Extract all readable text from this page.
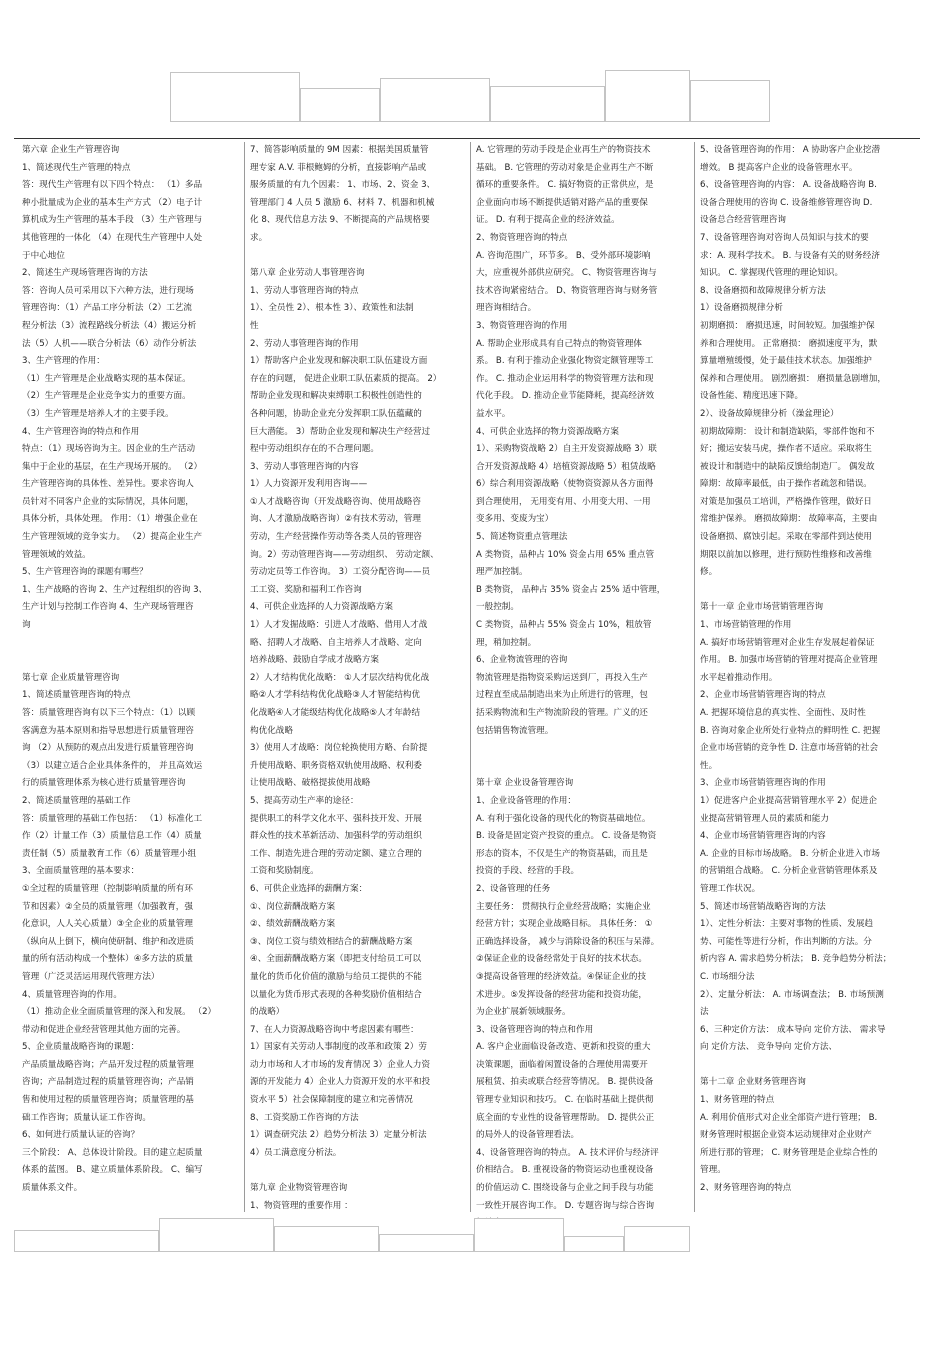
第六章 企业生产管理咨询

1、简述现代生产管理的特点

答：现代生产管理有以下四个特点： （1）多品

种小批量成为企业的基本生产方式 （2）电子计

算机成为生产管理的基本手段 （3）生产管理与

其他管理的一体化 （4）在现代生产管理中人处

于中心地位

2、简述生产现场管理咨询的方法

答：咨询人员可采用以下六种方法，进行现场

管理咨询：（1）产品工序分析法（2）工艺流

程分析法（3）流程路线分析法（4）搬运分析

法（5）人机——联合分析法（6）动作分析法

3、生产管理的作用：

（1）生产管理是企业战略实现的基本保证。

（2）生产管理是企业竞争实力的重要方面。

（3）生产管理是培养人才的主要手段。

4、生产管理咨询的特点和作用

特点：（1）现场咨询为主。因企业的生产活动

集中于企业的基层，在生产现场开展的。 （2）

生产管理咨询的具体性、差异性。要求咨询人

员针对不同客户企业的实际情况，具体问题，

具体分析，具体处理。 作用：（1）增强企业在

生产管理领域的竞争实力。 （2）提高企业生产

管理领域的效益。

5、生产管理咨询的课题有哪些？

1、生产战略的咨询 2、生产过程组织的咨询 3、

生产计划与控制工作咨询 4、生产现场管理咨

询

第七章 企业质量管理咨询

1、简述质量管理咨询的特点

答：质量管理咨询有以下三个特点：（1）以顾

客满意为基本原则和指导思想进行质量管理咨

询 （2）从预防的观点出发进行质量管理咨询

（3）以建立适合企业具体条件的， 并且高效运

行的质量管理体系为核心进行质量管理咨询

2、简述质量管理的基础工作

答：质量管理的基础工作包括： （1）标准化工

作（2）计量工作（3）质量信息工作（4）质量

责任制（5）质量教育工作（6）质量管理小组

3、全面质量管理的基本要求：

①全过程的质量管理（控制影响质量的所有环

节和因素）②全员的质量管理（加强教育，强

化意识，人人关心质量）③全企业的质量管理

（纵向从上倒下，横向使研制、维护和改进质

量的所有活动构成一个整体）④多方法的质量

管理（广泛灵活运用现代管理方法）

4、质量管理咨询的作用。

（1）推动企业全面质量管理的深入和发展。 （2）

带动和促进企业经营管理其他方面的完善。

5、企业质量战略咨询的课题：

产品质量战略咨询；产品开发过程的质量管理

咨询；产品制造过程的质量管理咨询；产品销

售和使用过程的质量管理咨询；质量管理的基

础工作咨询；质量认证工作咨询。

6、如何进行质量认证的咨询？

三个阶段： A、总体设计阶段。目的建立起质量

体系的蓝图。 B、建立质量体系阶段。 C、编写

质量体系文件。

7、简答影响质量的 9M 因素：根据美国质量管

理专家 A.V. 菲根鲍姆的分析，直接影响产品或

服务质量的有九个因素： 1、市场、2、资金 3、

管理部门 4 人员 5 激励 6、材料 7、机器和机械

化 8、现代信息方法 9、不断提高的产品规格要

求。

第八章 企业劳动人事管理咨询

1、劳动人事管理咨询的特点

1）、全员性 2）、根本性 3）、政策性和法制

性

2、劳动人事管理咨询的作用

1）帮助客户企业发现和解决职工队伍建设方面

存在的问题， 促进企业职工队伍素质的提高。 2）

帮助企业发现和解决束缚职工积极性创造性的

各种问题，协助企业充分发挥职工队伍蕴藏的

巨大潜能。 3）帮助企业发现和解决生产经营过

程中劳动组织存在的不合理问题。

3、劳动人事管理咨询的内容

1）人力资源开发利用咨询——

①人才战略咨询（开发战略咨询、使用战略咨

询、人才激励战略咨询）②有技术劳动，管理

劳动，生产经营操作劳动等各类人员的管理咨

询。2）劳动管理咨询——劳动组织、 劳动定额、

劳动定员等工作咨询。 3）工资分配咨询——员

工工资、奖励和福利工作咨询

4、可供企业选择的人力资源战略方案

1）人才发掘战略：引进人才战略、借用人才战

略、招聘人才战略、自主培养人才战略、定向

培养战略、鼓励自学成才战略方案

2）人才结构优化战略： ①人才层次结构优化战

略②人才学科结构优化战略③人才智能结构优

化战略④人才能级结构优化战略⑤人才年龄结

构优化战略

3）使用人才战略：岗位轮换使用方略、台阶提

升使用战略、职务资格双轨使用战略、权利委

让使用战略、破格提拔使用战略

5、提高劳动生产率的途径：

提供职工的科学文化水平、强科技开发、开展

群众性的技术革新活动、加强科学的劳动组织

工作、制造先进合理的劳动定额、建立合理的

工资和奖励制度。

6、可供企业选择的薪酬方案：

①、岗位薪酬战略方案

②、绩效薪酬战略方案

③、岗位工资与绩效相结合的薪酬战略方案

④、全面薪酬战略方案（即把支付给员工可以

量化的货币化价值的激励与给员工提供的不能

以量化为货币形式表现的各种奖励价值相结合

的战略）

7、在人力资源战略咨询中考虑因素有哪些：

1）国家有关劳动人事制度的改革和政策 2）劳

动力市场和人才市场的发育情况 3）企业人力资

源的开发能力 4）企业人力资源开发的水平和投

资水平 5）社会保障制度的建立和完善情况

8、工资奖励工作咨询的方法

1）调查研究法 2）趋势分析法 3）定量分析法

4）员工满意度分析法。

第九章 企业物资管理咨询

1、物资管理的重要作用 ：

A. 它管理的劳动手段是企业再生产的物资技术

基础。 B. 它管理的劳动对象是企业再生产不断

循环的重要条件。 C. 搞好物资的正常供应，是

企业面向市场不断提供适销对路产品的重要保

证。 D. 有利于提高企业的经济效益。

2、物资管理咨询的特点

A. 咨询范围广，环节多。 B、受外部环境影响

大，应重视外部供应研究。 C、物资管理咨询与

技术咨询紧密结合。 D、物资管理咨询与财务管

理咨询相结合。

3、物资管理咨询的作用

A. 帮助企业形成具有自己特点的物资管理体

系。 B. 有利于推动企业强化物资定额管理等工

作。 C. 推动企业运用科学的物资管理方法和现

代化手段。 D. 推动企业节能降耗，提高经济效

益水平。

4、可供企业选择的物力资源战略方案

1）、采购物资战略 2）自主开发资源战略 3）联

合开发资源战略 4）培植资源战略 5）租赁战略

6）综合利用资源战略（使物资资源从各方面得

到合理使用， 无用变有用、小用变大用、一用

变多用、变废为宝）

5、简述物资重点管理法

A 类物资，品种占 10% 资金占用 65% 重点管

理严加控制。

B 类物资， 品种占 35% 资金占 25% 适中管理，

一般控制。

C 类物资，品种占 55% 资金占 10%，粗放管

理，稍加控制。

6、企业物流管理的咨询

物流管理是指物资采购运送到厂，再投入生产

过程直至成品制造出来为止所进行的管理，包

括采购物流和生产物流阶段的管理。广义的还

包括销售物流管理。

第十章 企业设备管理咨询

1、企业设备管理的作用：

A. 有利于强化设备的现代化的物资基础地位。

B. 设备是固定资产投资的重点。 C. 设备是物资

形态的资本，不仅是生产的物资基础，而且是

投资的手段、经营的手段。

2、设备管理的任务

主要任务： 贯彻执行企业经营战略；实施企业

经营方针；实现企业战略目标。 具体任务： ①

正确选择设备， 减少与消除设备的积压与呆滞。

②保证企业的设备经常处于良好的技术状态。

③提高设备管理的经济效益。④保证企业的技

术进步。⑤发挥设备的经营功能和投资功能，

为企业扩展新领域服务。

3、设备管理咨询的特点和作用

A. 客户企业面临设备改造、更新和投资的重大

决策课题，面临着闲置设备的合理使用需要开

展租赁、拍卖或联合经营等情况。 B. 提供设备

管理专业知识和技巧。 C. 在临时基础上提供彻

底全面的专业性的设备管理帮助。 D. 提供公正

的局外人的设备管理看法。

4、设备管理咨询的特点。 A. 技术评价与经济评

价相结合。 B. 重视设备的物资运动也重视设备

的价值运动 C. 围绕设备与企业之间手段与功能

一致性开展咨询工作。 D. 专题咨询与综合咨询

5、设备管理咨询的作用： A 协助客户企业挖潜

增效。 B 提高客户企业的设备管理水平。

6、设备管理咨询的内容： A. 设备战略咨询 B.

设备合理使用的咨询 C. 设备维修管理咨询 D.

设备总合经营管理咨询

7、设备管理咨询对咨询人员知识与技术的要

求：A. 现科学技术。 B. 与设备有关的财务经济

知识。 C. 掌握现代管理的理论知识。

8、设备磨损和故障规律分析方法

1）设备磨损规律分析

初期磨损： 磨损迅速，时间较短。加强维护保

养和合理使用。 正常磨损： 磨损速度平为，默

算量增殖缓慢，处于最佳技术状态。加强维护

保养和合理使用。 剧烈磨损： 磨损量急剧增加，

设备性能、精度迅速下降。

2）、设备故障规律分析（澡盆理论）

初期故障期： 设计和制造缺陷，零部件饱和不

好；搬运安装马虎，操作者不适应。采取将生

被设计和制造中的缺陷反馈给制造厂。 偶发故

障期：故障率最低，由于操作者疏忽和错误。

对策是加强员工培训，严格操作管理，做好日

常维护保养。 磨损故障期： 故障率高，主要由

设备磨损、腐蚀引起。采取在零部件到达使用

期限以前加以修理，进行预防性维修和改善维

修。

第十一章 企业市场营销管理咨询

1、市场营销管理的作用

A. 搞好市场营销管理对企业生存发展起着保证

作用。 B. 加强市场营销的管理对提高企业管理

水平起着推动作用。

2、企业市场营销管理咨询的特点

A. 把握环境信息的真实性、全面性、及时性

B. 咨询对象企业所处行业特点的鲜明性 C. 把握

企业市场营销的竞争性 D. 注意市场营销的社会

性。

3、企业市场营销管理咨询的作用

1）促进客户企业提高营销管理水平 2）促进企

业提高营销管理人员的素质和能力

4、企业市场营销管理咨询的内容

A. 企业的目标市场战略。 B. 分析企业进入市场

的营销组合战略。 C. 分析企业营销管理体系及

管理工作状况。

5、简述市场营销战略咨询的方法

1）、定性分析法：主要对事物的性质、发展趋

势、可能性等进行分析，作出判断的方法。分

析内容 A. 需求趋势分析法； B. 竞争趋势分析法；

C. 市场细分法

2）、定量分析法： A. 市场调查法； B. 市场预测

法

6、三种定价方法： 成本导向 定价方法、 需求导

向 定价方法、 竞争导向 定价方法、

第十二章 企业财务管理咨询

1、财务管理的特点

A. 利用价值形式对企业全部资产进行管理； B.

财务管理时根据企业资本运动规律对企业财产

所进行那的管理； C. 财务管理是企业综合性的

管理。

2、财务管理咨询的特点
